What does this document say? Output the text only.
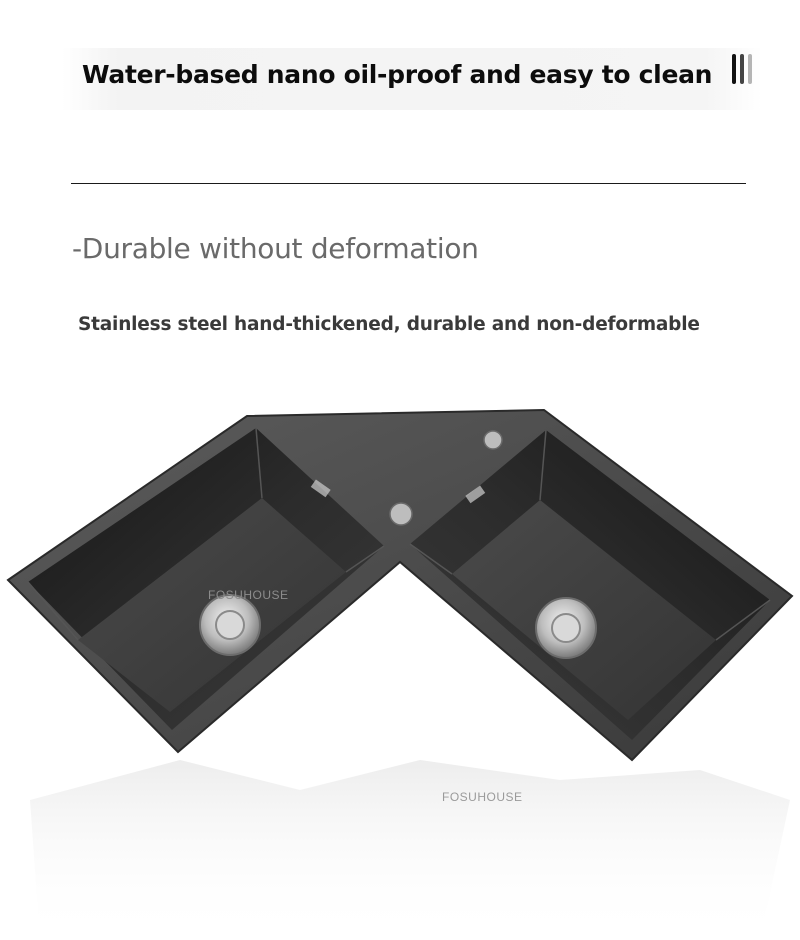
Water-based nano oil-proof and easy to clean
-Durable without deformation
Stainless steel hand-thickened, durable and non-deformable
FOSUHOUSE
FOSUHOUSE
